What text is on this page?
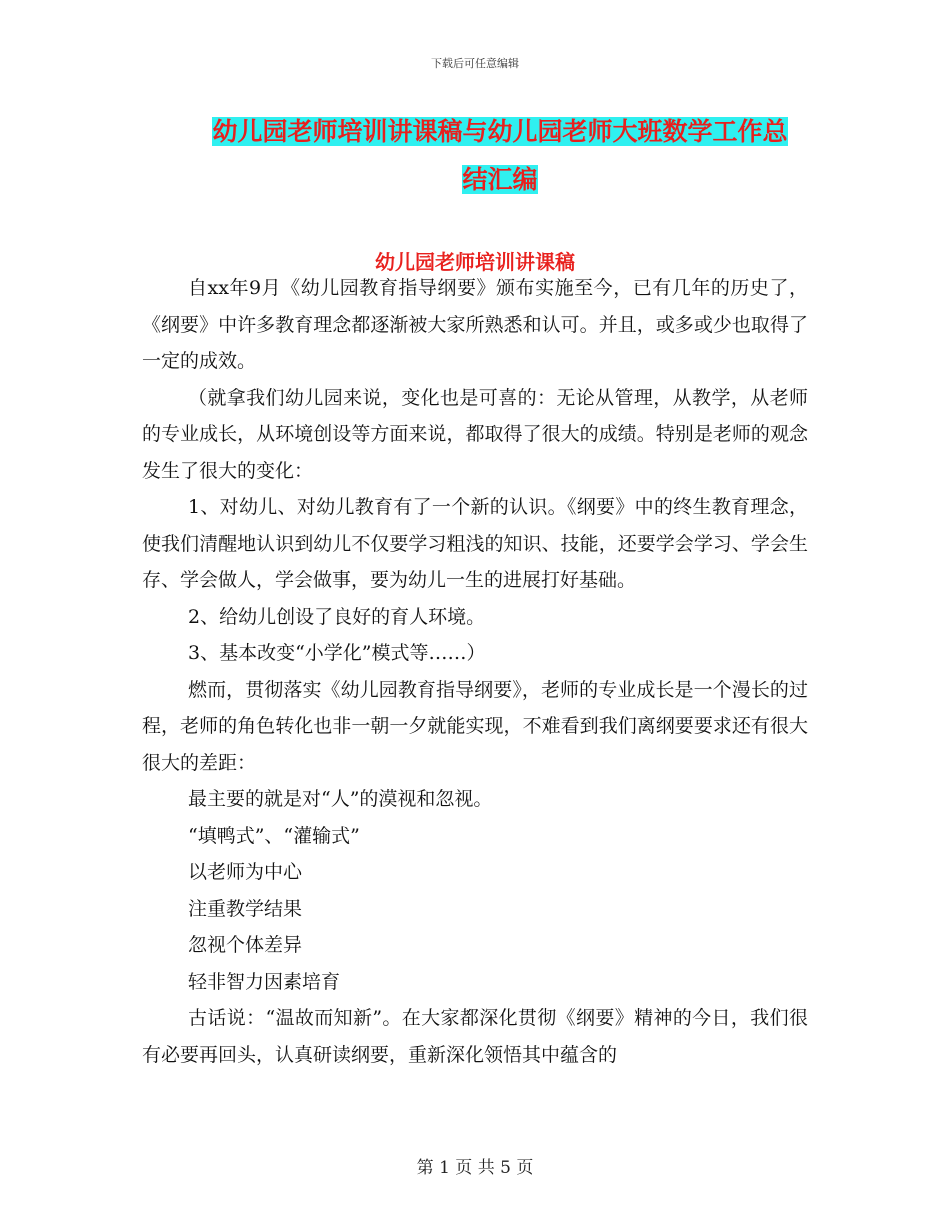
下载后可任意编辑
幼儿园老师培训讲课稿与幼儿园老师大班数学工作总
结汇编
幼儿园老师培训讲课稿

自xx年9月《幼儿园教育指导纲要》颁布实施至今，已有几年的历史了，《纲要》中许多教育理念都逐渐被大家所熟悉和认可。并且，或多或少也取得了一定的成效。

（就拿我们幼儿园来说，变化也是可喜的：无论从管理，从教学，从老师的专业成长，从环境创设等方面来说，都取得了很大的成绩。特别是老师的观念发生了很大的变化：

1、对幼儿、对幼儿教育有了一个新的认识。《纲要》中的终生教育理念，使我们清醒地认识到幼儿不仅要学习粗浅的知识、技能，还要学会学习、学会生存、学会做人，学会做事，要为幼儿一生的进展打好基础。

2、给幼儿创设了良好的育人环境。

3、基本改变“小学化”模式等……）

燃而，贯彻落实《幼儿园教育指导纲要》，老师的专业成长是一个漫长的过程，老师的角色转化也非一朝一夕就能实现，不难看到我们离纲要要求还有很大很大的差距：

最主要的就是对“人”的漠视和忽视。

“填鸭式”、“灌输式”

以老师为中心

注重教学结果

忽视个体差异

轻非智力因素培育

古话说：“温故而知新”。在大家都深化贯彻《纲要》精神的今日，我们很有必要再回头，认真研读纲要，重新深化领悟其中蕴含的

第 1 页 共 5 页
